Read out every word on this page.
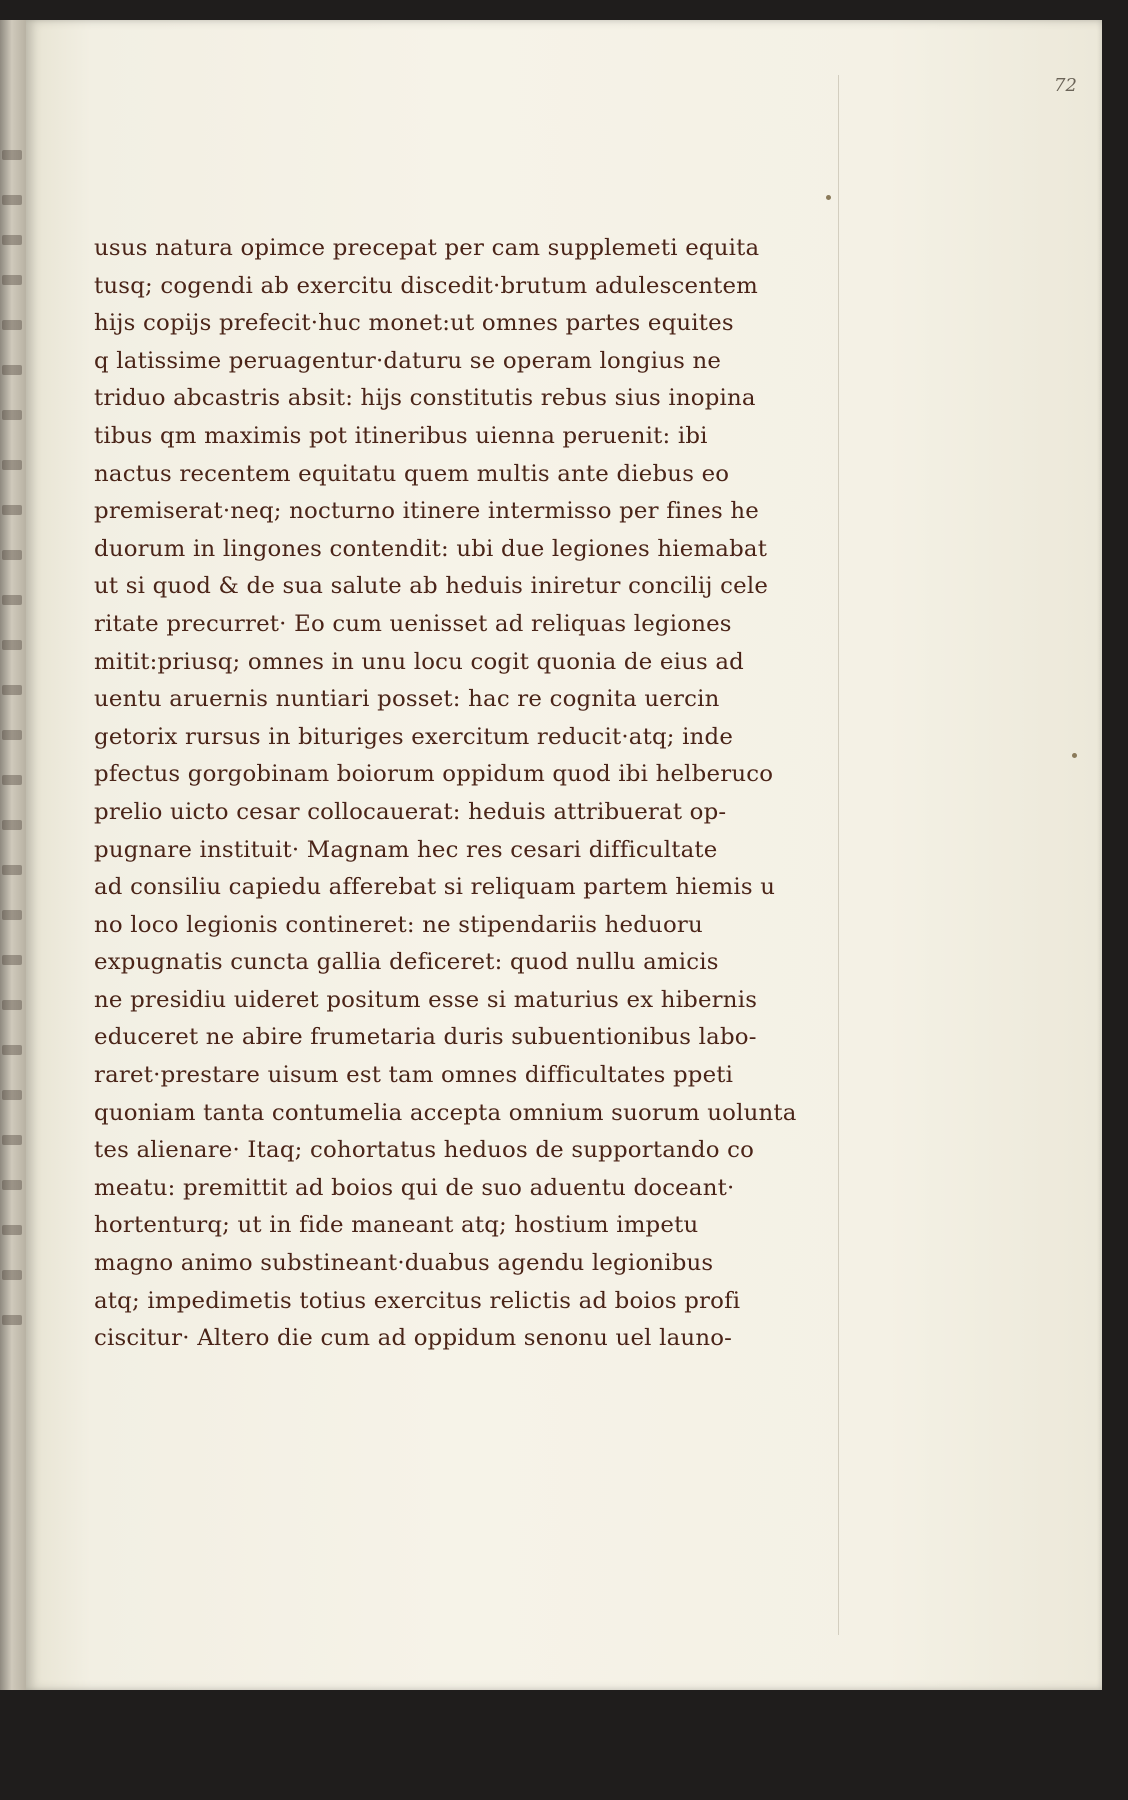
72
usus natura opimce precepat per cam supplemeti equita
tusq; cogendi ab exercitu discedit·brutum adulescentem
hijs copijs prefecit·huc monet:ut omnes partes equites
q latissime peruagentur·daturu se operam longius ne
triduo abcastris absit: hijs constitutis rebus sius inopina
tibus qm maximis pot itineribus uienna peruenit: ibi
nactus recentem equitatu quem multis ante diebus eo
premiserat·neq; nocturno itinere intermisso per fines he
duorum in lingones contendit: ubi due legiones hiemabat
ut si quod & de sua salute ab heduis iniretur concilij cele
ritate precurret· Eo cum uenisset ad reliquas legiones
mitit:priusq; omnes in unu locu cogit quonia de eius ad
uentu aruernis nuntiari posset: hac re cognita uercin
getorix rursus in bituriges exercitum reducit·atq; inde
pfectus gorgobinam boiorum oppidum quod ibi helberuco
prelio uicto cesar collocauerat: heduis attribuerat op-
pugnare instituit· Magnam hec res cesari difficultate
ad consiliu capiedu afferebat si reliquam partem hiemis u
no loco legionis contineret: ne stipendariis heduoru
expugnatis cuncta gallia deficeret: quod nullu amicis
ne presidiu uideret positum esse si maturius ex hibernis
educeret ne abire frumetaria duris subuentionibus labo-
raret·prestare uisum est tam omnes difficultates ppeti
quoniam tanta contumelia accepta omnium suorum uolunta
tes alienare· Itaq; cohortatus heduos de supportando co
meatu: premittit ad boios qui de suo aduentu doceant·
hortenturq; ut in fide maneant atq; hostium impetu
magno animo substineant·duabus agendu legionibus
atq; impedimetis totius exercitus relictis ad boios profi
ciscitur· Altero die cum ad oppidum senonu uel launo-
